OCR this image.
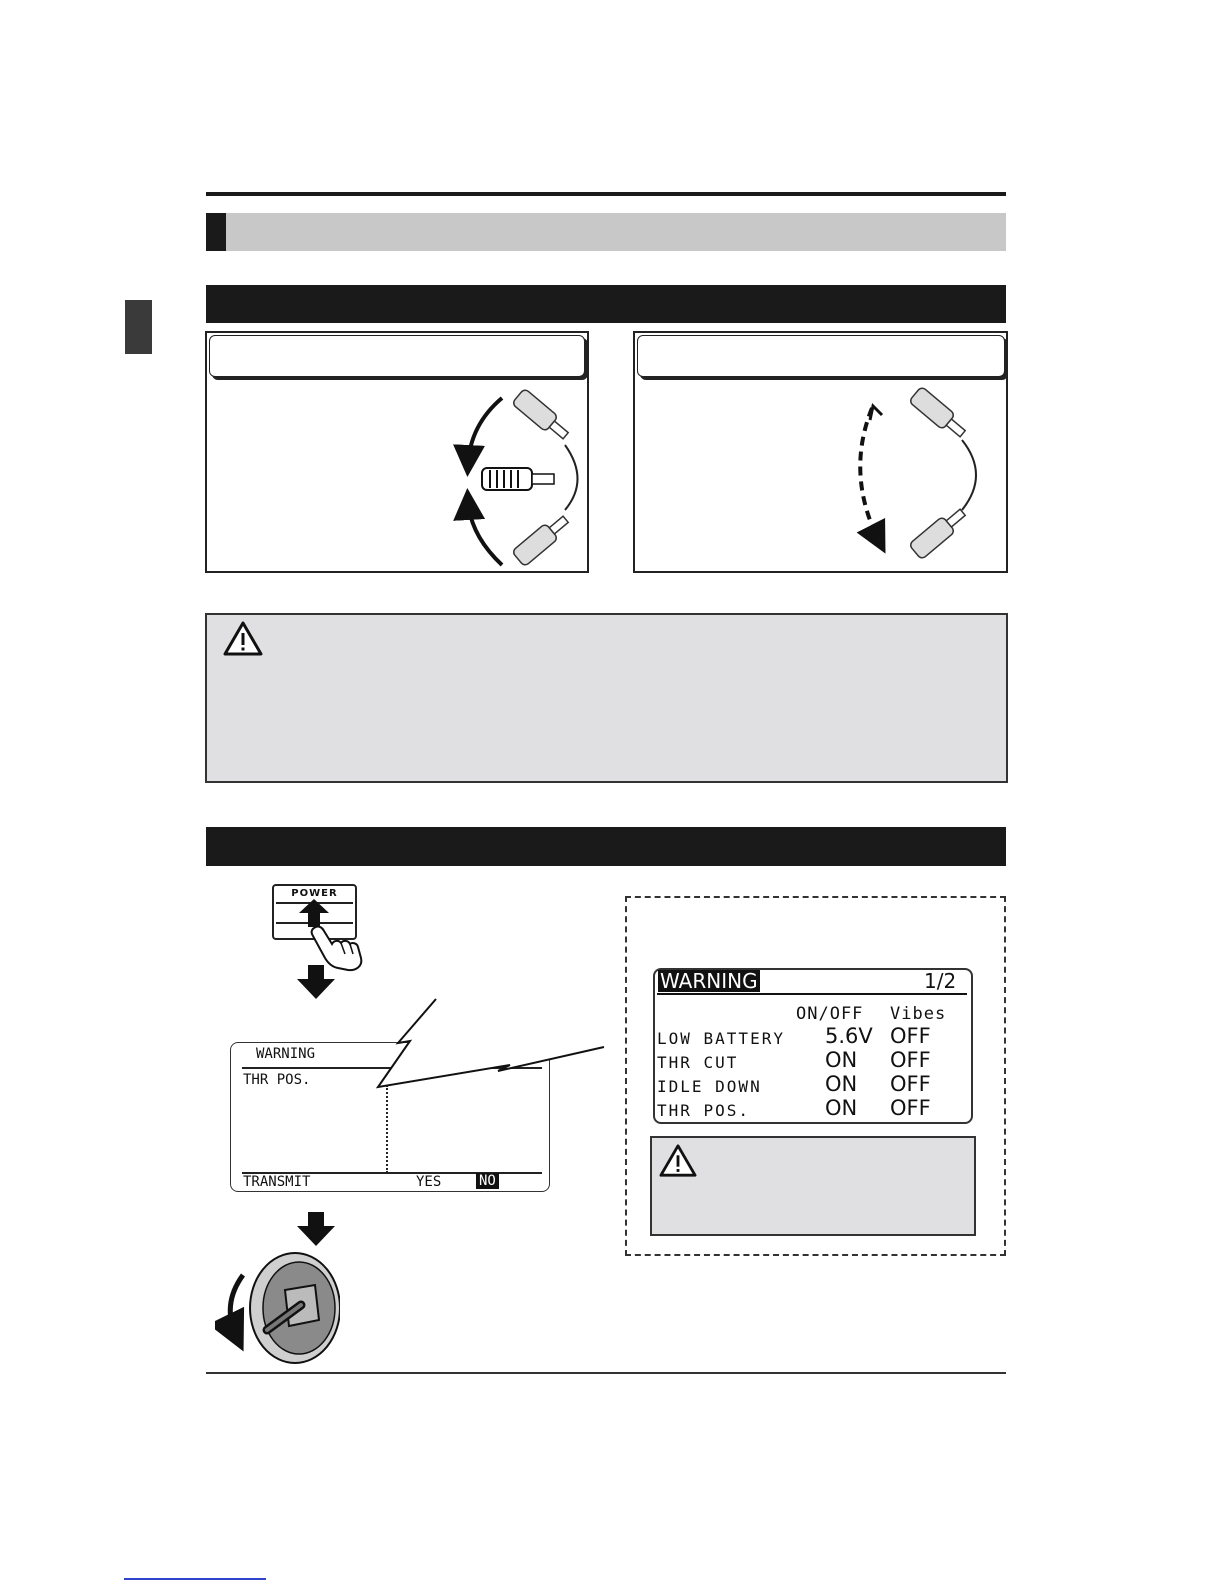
POWER
WARNING
THR POS.
TRANSMIT	YES	NO
WARNING	1/2
ON/OFF Vibes
LOW BATTERY 5.6V OFF
THR CUT	ON OFF
IDLE DOWN	ON OFF
THR POS.	ON OFF
